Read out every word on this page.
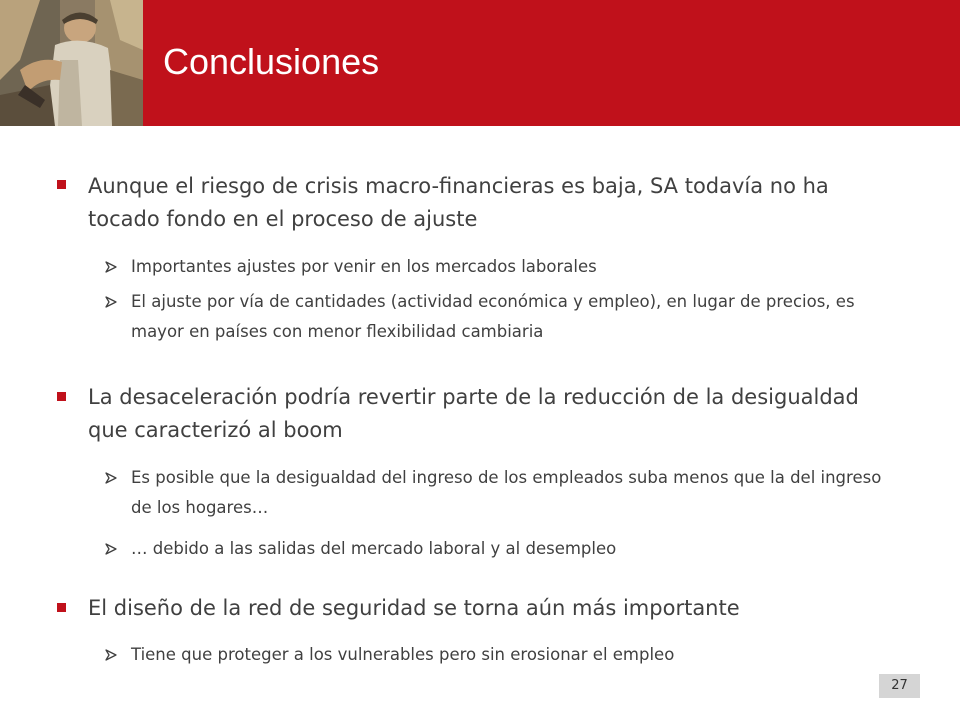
Conclusiones
Aunque el riesgo de crisis macro-financieras es baja, SA todavía no ha tocado fondo en el proceso de ajuste
Importantes ajustes por venir en los mercados laborales
El ajuste por vía de cantidades (actividad económica y empleo), en lugar de precios, es mayor en países con menor flexibilidad cambiaria
La desaceleración podría revertir parte de la reducción de la desigualdad que caracterizó al boom
Es posible que la desigualdad del ingreso de los empleados suba menos que la del ingreso de los hogares…
… debido a las salidas del mercado laboral y al desempleo
El diseño de la red de seguridad se torna aún más importante
Tiene que proteger a los vulnerables pero sin erosionar el empleo
27
